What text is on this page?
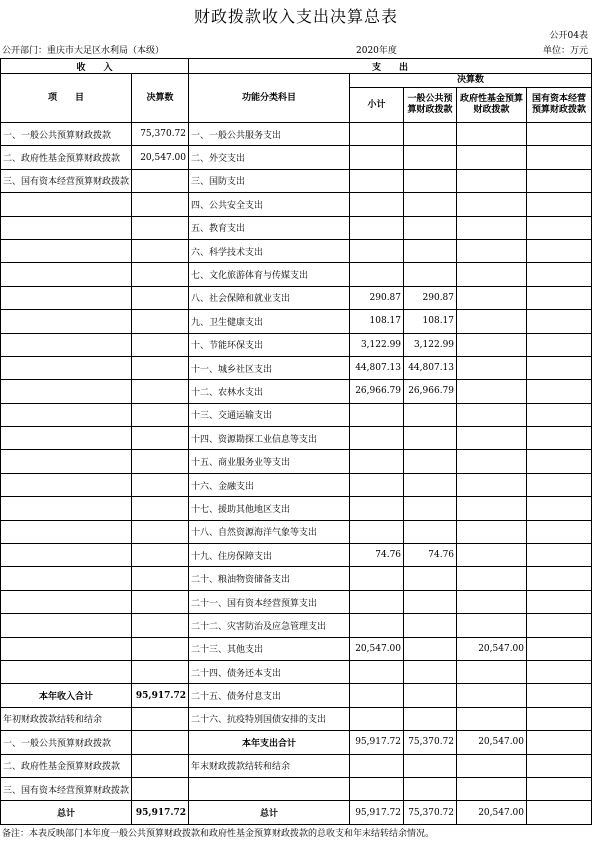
财政拨款收入支出决算总表
公开04表
公开部门：重庆市大足区水利局（本级）	2020年度	单位：万元
收　　入		支　　出				
项　　目	决算数	功能分类科目	决算数			
			小计	一般公共预算财政拨款	政府性基金预算财政拨款	国有资本经营预算财政拨款
一、一般公共预算财政拨款	75,370.72	一、一般公共服务支出				
二、政府性基金预算财政拨款	20,547.00	二、外交支出				
三、国有资本经营预算财政拨款		三、国防支出				
		四、公共安全支出				
		五、教育支出				
		六、科学技术支出				
		七、文化旅游体育与传媒支出				
		八、社会保障和就业支出	290.87	290.87		
		九、卫生健康支出	108.17	108.17		
		十、节能环保支出	3,122.99	3,122.99		
		十一、城乡社区支出	44,807.13	44,807.13		
		十二、农林水支出	26,966.79	26,966.79		
		十三、交通运输支出				
		十四、资源勘探工业信息等支出				
		十五、商业服务业等支出				
		十六、金融支出				
		十七、援助其他地区支出				
		十八、自然资源海洋气象等支出				
		十九、住房保障支出	74.76	74.76		
		二十、粮油物资储备支出				
		二十一、国有资本经营预算支出				
		二十二、灾害防治及应急管理支出				
		二十三、其他支出	20,547.00		20,547.00	
		二十四、债务还本支出				
本年收入合计	95,917.72	二十五、债务付息支出				
年初财政拨款结转和结余		二十六、抗疫特别国债安排的支出				
一、一般公共预算财政拨款		本年支出合计	95,917.72	75,370.72	20,547.00	
二、政府性基金预算财政拨款		年末财政拨款结转和结余				
三、国有资本经营预算财政拨款						
总计	95,917.72	总计	95,917.72	75,370.72	20,547.00	
备注：本表反映部门本年度一般公共预算财政拨款和政府性基金预算财政拨款的总收支和年末结转结余情况。
